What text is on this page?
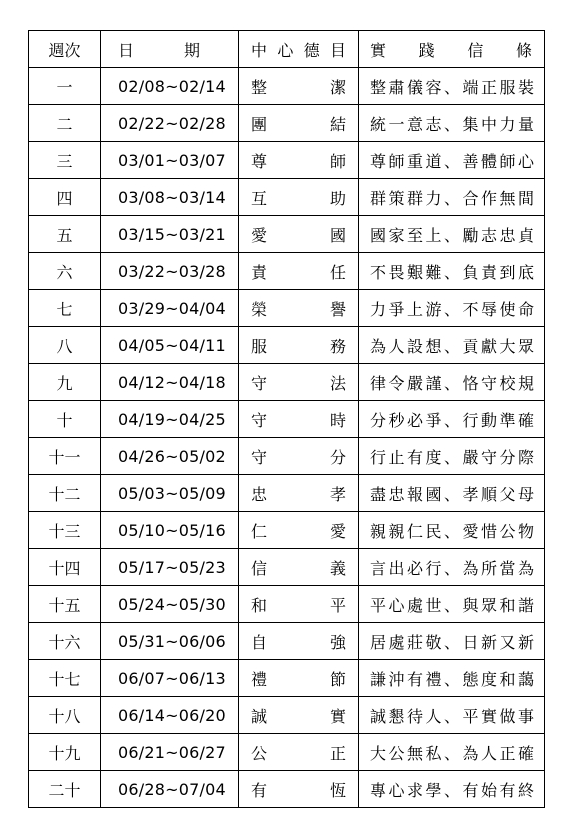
週次	日 期	中 心 德 目	實 踐 信 條

一	02/08~02/14	整 潔	整肅儀容、端正服裝
二	02/22~02/28	團 結	統一意志、集中力量
三	03/01~03/07	尊 師	尊師重道、善體師心
四	03/08~03/14	互 助	群策群力、合作無間
五	03/15~03/21	愛 國	國家至上、勵志忠貞
六	03/22~03/28	責 任	不畏艱難、負責到底
七	03/29~04/04	榮 譽	力爭上游、不辱使命
八	04/05~04/11	服 務	為人設想、貢獻大眾
九	04/12~04/18	守 法	律令嚴謹、恪守校規
十	04/19~04/25	守 時	分秒必爭、行動準確
十一	04/26~05/02	守 分	行止有度、嚴守分際
十二	05/03~05/09	忠 孝	盡忠報國、孝順父母
十三	05/10~05/16	仁 愛	親親仁民、愛惜公物
十四	05/17~05/23	信 義	言出必行、為所當為
十五	05/24~05/30	和 平	平心處世、與眾和諧
十六	05/31~06/06	自 強	居處莊敬、日新又新
十七	06/07~06/13	禮 節	謙沖有禮、態度和藹
十八	06/14~06/20	誠 實	誠懇待人、平實做事
十九	06/21~06/27	公 正	大公無私、為人正確
二十	06/28~07/04	有 恆	專心求學、有始有終
